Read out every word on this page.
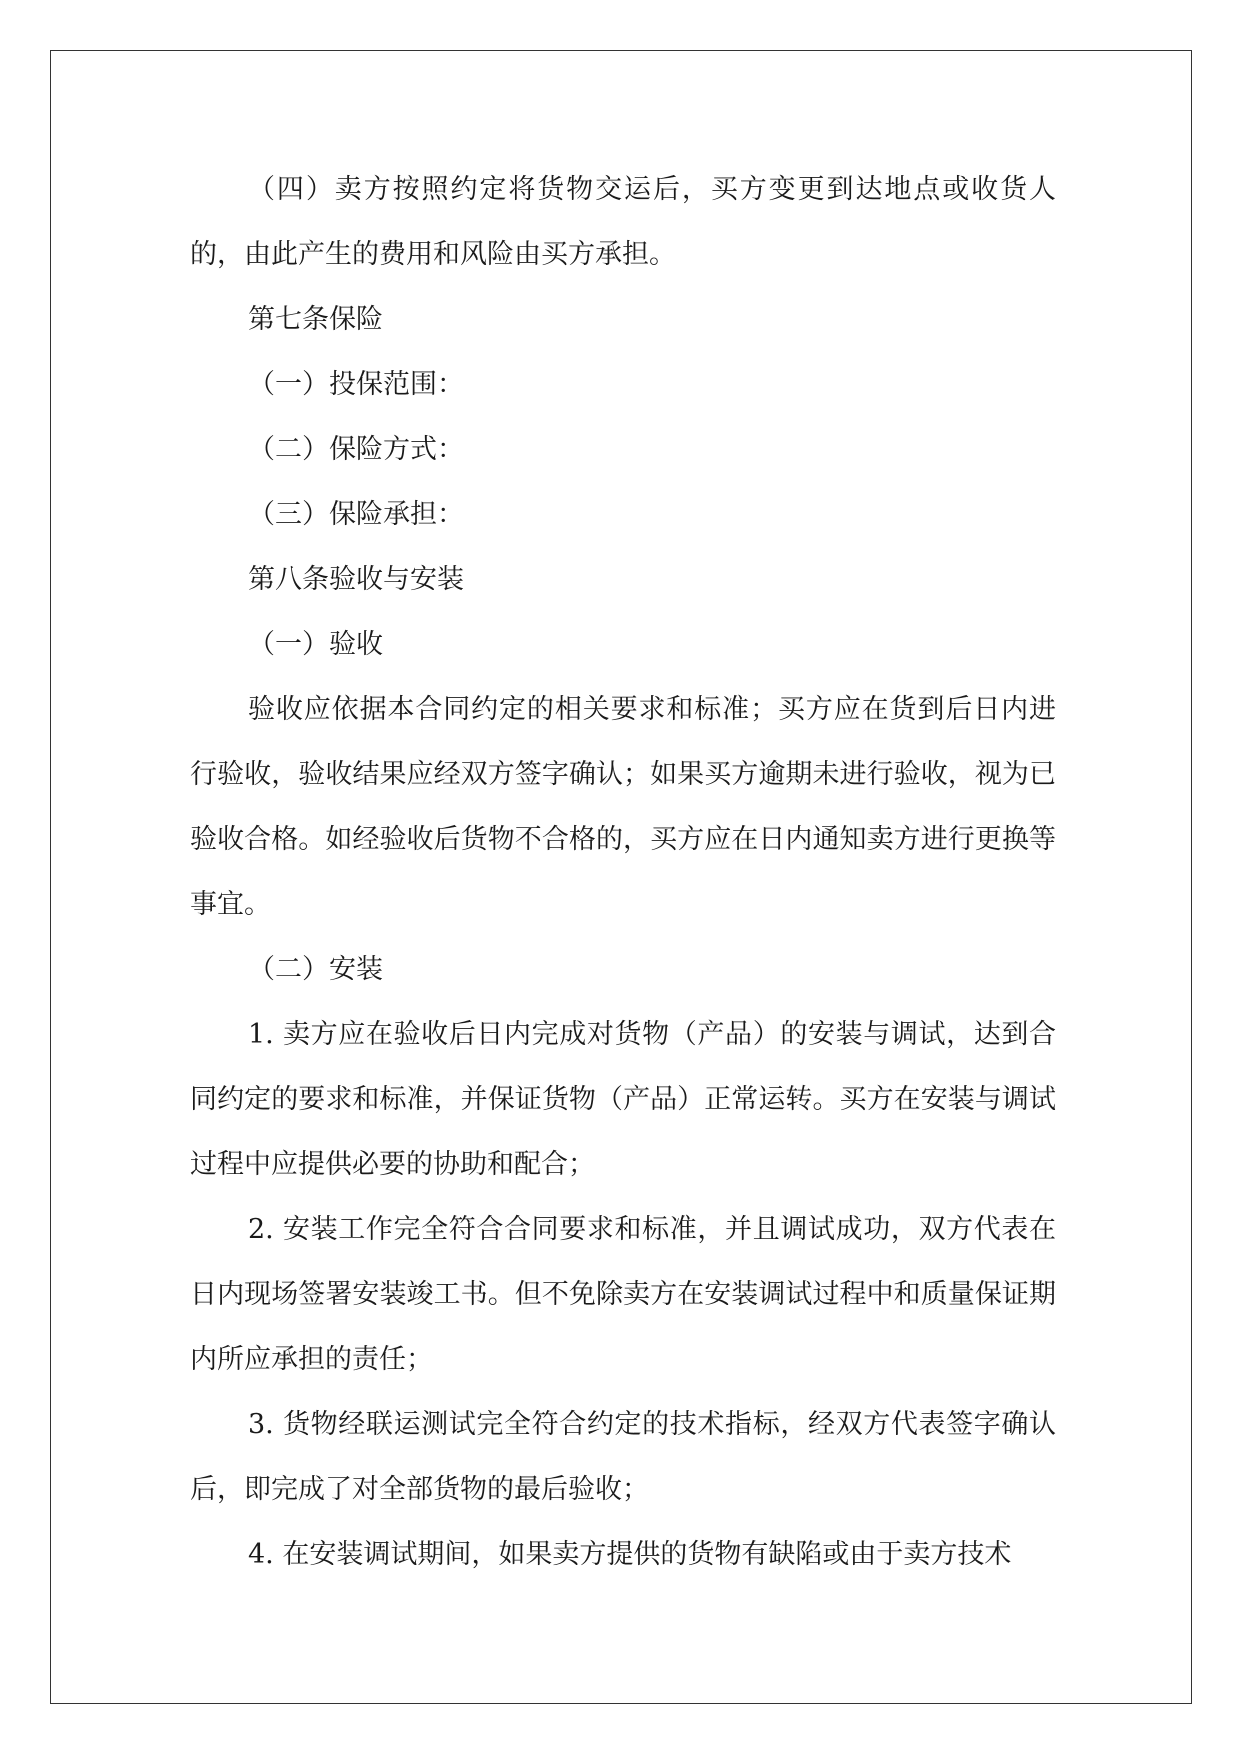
（四）卖方按照约定将货物交运后，买方变更到达地点或收货人的，由此产生的费用和风险由买方承担。

第七条保险

（一）投保范围：

（二）保险方式：

（三）保险承担：

第八条验收与安装

（一）验收

验收应依据本合同约定的相关要求和标准；买方应在货到后日内进行验收，验收结果应经双方签字确认；如果买方逾期未进行验收，视为已验收合格。如经验收后货物不合格的，买方应在日内通知卖方进行更换等事宜。

（二）安装

1. 卖方应在验收后日内完成对货物（产品）的安装与调试，达到合同约定的要求和标准，并保证货物（产品）正常运转。买方在安装与调试过程中应提供必要的协助和配合；

2. 安装工作完全符合合同要求和标准，并且调试成功，双方代表在日内现场签署安装竣工书。但不免除卖方在安装调试过程中和质量保证期内所应承担的责任；

3. 货物经联运测试完全符合约定的技术指标，经双方代表签字确认后，即完成了对全部货物的最后验收；

4. 在安装调试期间，如果卖方提供的货物有缺陷或由于卖方技术
